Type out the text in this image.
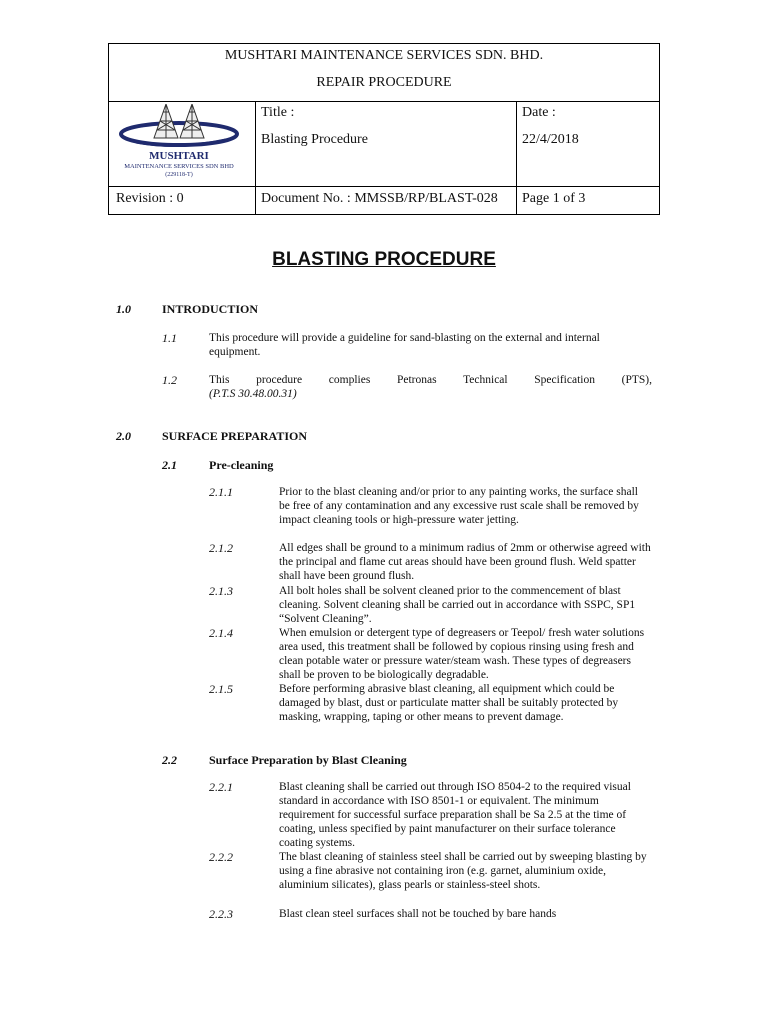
MUSHTARI MAINTENANCE SERVICES SDN. BHD.
REPAIR PROCEDURE
Title :
Blasting Procedure
Date :
22/4/2018
Revision : 0	Document No. : MMSSB/RP/BLAST-028 Page 1 of 3
MUSHTARI
MAINTENANCE SERVICES SDN BHD
(229118-T)
BLASTING PROCEDURE
1.0	INTRODUCTION
1.1	This procedure will provide a guideline for sand-blasting on the external and internal equipment.
1.2	This procedure complies Petronas Technical Specification (PTS),
(P.T.S 30.48.00.31)
2.0	SURFACE PREPARATION
2.1	Pre-cleaning
2.1.1	Prior to the blast cleaning and/or prior to any painting works, the surface shall be free of any contamination and any excessive rust scale shall be removed by impact cleaning tools or high-pressure water jetting.
2.1.2	All edges shall be ground to a minimum radius of 2mm or otherwise agreed with the principal and flame cut areas should have been ground flush. Weld spatter shall have been ground flush.
2.1.3	All bolt holes shall be solvent cleaned prior to the commencement of blast cleaning. Solvent cleaning shall be carried out in accordance with SSPC, SP1 “Solvent Cleaning”.
2.1.4	When emulsion or detergent type of degreasers or Teepol/ fresh water solutions area used, this treatment shall be followed by copious rinsing using fresh and clean potable water or pressure water/steam wash. These types of degreasers shall be proven to be biologically degradable.
2.1.5	Before performing abrasive blast cleaning, all equipment which could be damaged by blast, dust or particulate matter shall be suitably protected by masking, wrapping, taping or other means to prevent damage.
2.2	Surface Preparation by Blast Cleaning
2.2.1	Blast cleaning shall be carried out through ISO 8504-2 to the required visual standard in accordance with ISO 8501-1 or equivalent. The minimum requirement for successful surface preparation shall be Sa 2.5 at the time of coating, unless specified by paint manufacturer on their surface tolerance coating systems.
2.2.2	The blast cleaning of stainless steel shall be carried out by sweeping blasting by using a fine abrasive not containing iron (e.g. garnet, aluminium oxide, aluminium silicates), glass pearls or stainless-steel shots.
2.2.3	Blast clean steel surfaces shall not be touched by bare hands
